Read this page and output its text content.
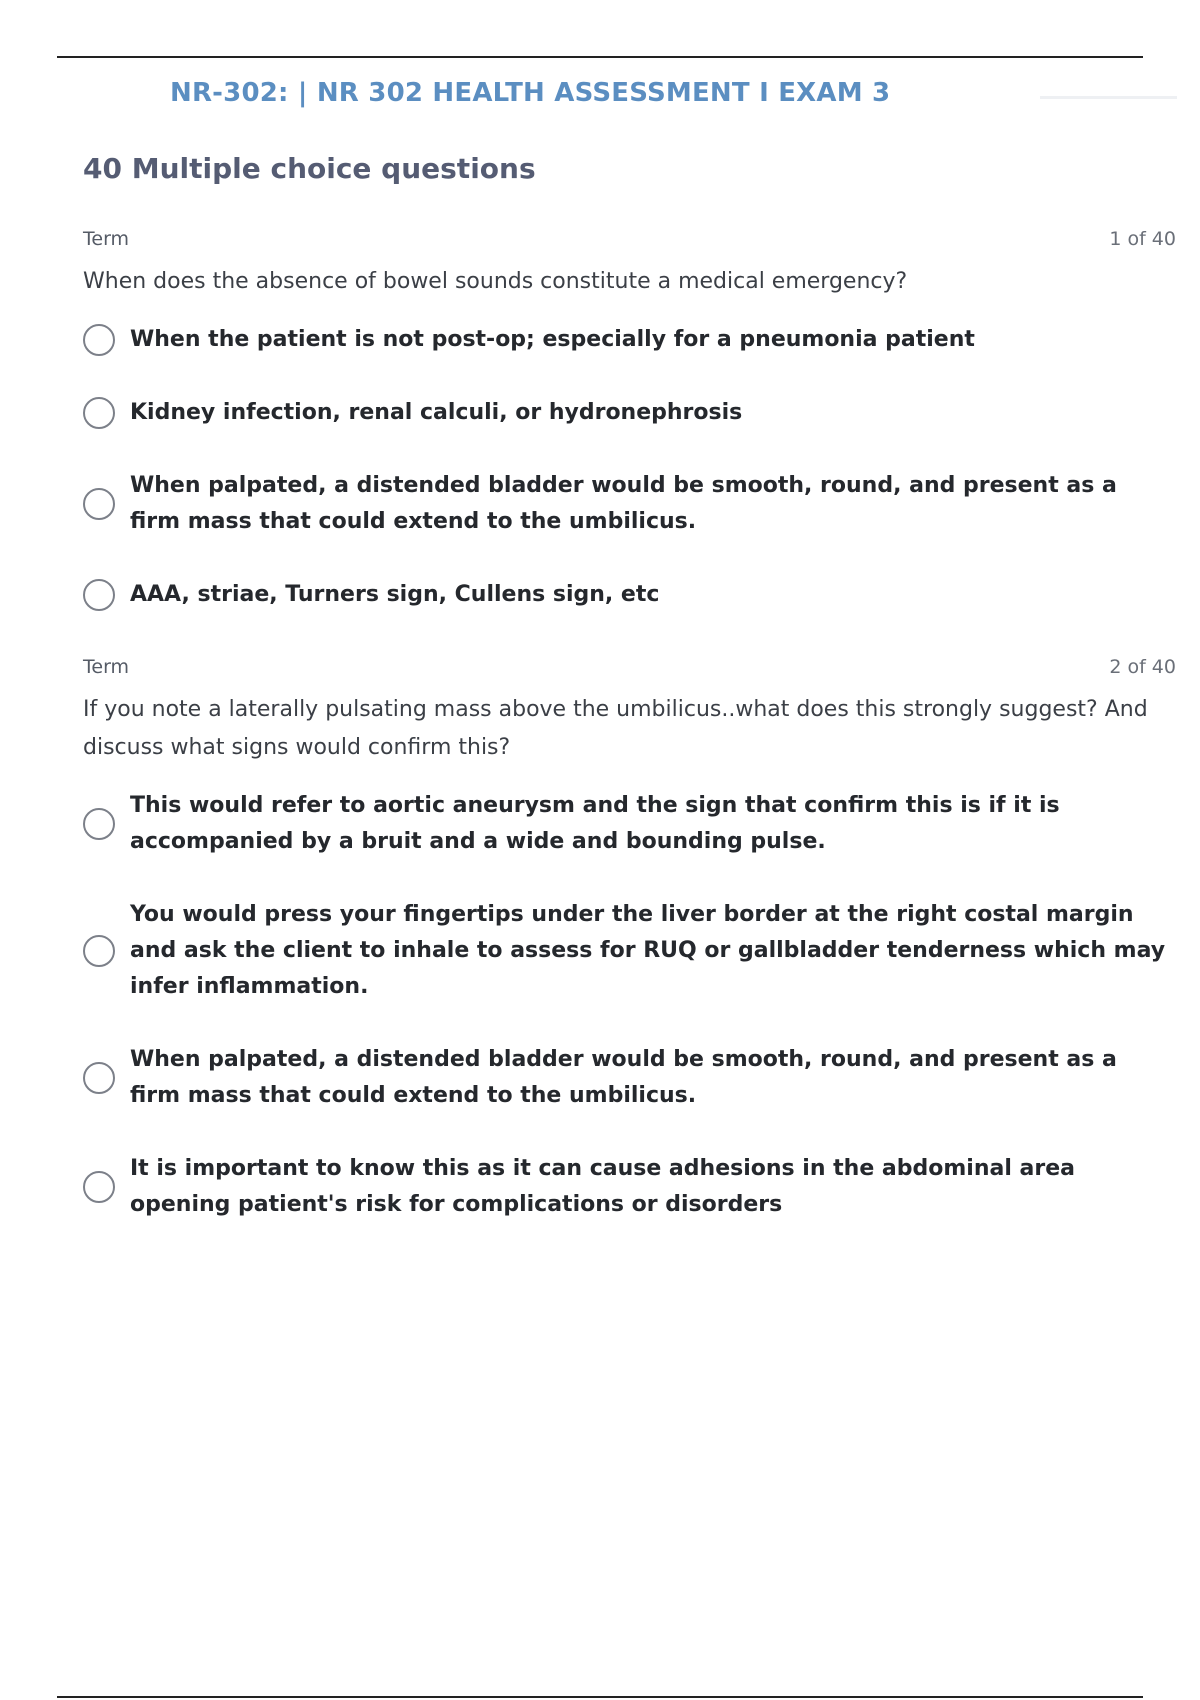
NR-302: | NR 302 HEALTH ASSESSMENT I EXAM 3
40 Multiple choice questions
Term	1 of 40
When does the absence of bowel sounds constitute a medical emergency?
When the patient is not post-op; especially for a pneumonia patient
Kidney infection, renal calculi, or hydronephrosis
When palpated, a distended bladder would be smooth, round, and present as a firm mass that could extend to the umbilicus.
AAA, striae, Turners sign, Cullens sign, etc
Term	2 of 40
If you note a laterally pulsating mass above the umbilicus..what does this strongly suggest? And discuss what signs would confirm this?
This would refer to aortic aneurysm and the sign that confirm this is if it is accompanied by a bruit and a wide and bounding pulse.
You would press your fingertips under the liver border at the right costal margin and ask the client to inhale to assess for RUQ or gallbladder tenderness which may infer inflammation.
When palpated, a distended bladder would be smooth, round, and present as a firm mass that could extend to the umbilicus.
It is important to know this as it can cause adhesions in the abdominal area opening patient's risk for complications or disorders
